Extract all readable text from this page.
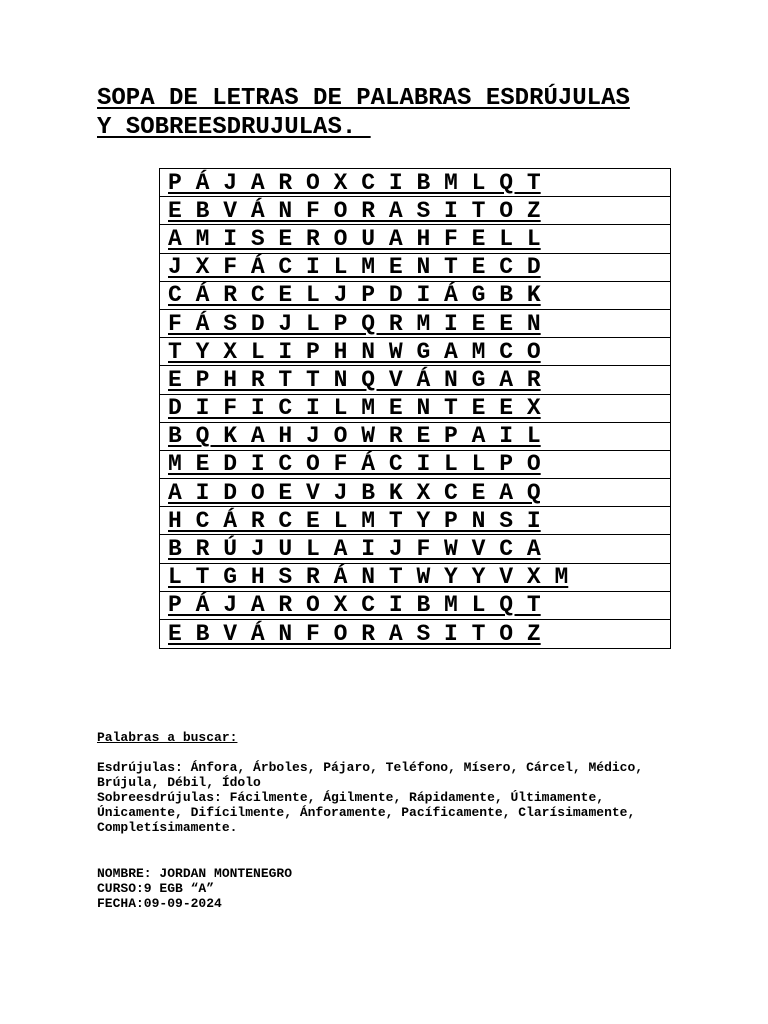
SOPA DE LETRAS DE PALABRAS ESDRÚJULAS
Y SOBREESDRUJULAS.
P Á J A R O X C I B M L Q T
E B V Á N F O R A S I T O Z
A M I S E R O U A H F E L L
J X F Á C I L M E N T E C D
C Á R C E L J P D I Á G B K
F Á S D J L P Q R M I E E N
T Y X L I P H N W G A M C O
E P H R T T N Q V Á N G A R
D I F I C I L M E N T E E X
B Q K A H J O W R E P A I L
M E D I C O F Á C I L L P O
A I D O E V J B K X C E A Q
H C Á R C E L M T Y P N S I
B R Ú J U L A I J F W V C A
L T G H S R Á N T W Y Y V X M
P Á J A R O X C I B M L Q T
E B V Á N F O R A S I T O Z
Palabras a buscar:
Esdrújulas: Ánfora, Árboles, Pájaro, Teléfono, Mísero, Cárcel, Médico, Brújula, Débil, Ídolo
Sobreesdrújulas: Fácilmente, Ágilmente, Rápidamente, Últimamente, Únicamente, Difícilmente, Ánforamente, Pacíficamente, Clarísimamente, Completísimamente.
NOMBRE: JORDAN MONTENEGRO
CURSO:9 EGB “A”
FECHA:09-09-2024
